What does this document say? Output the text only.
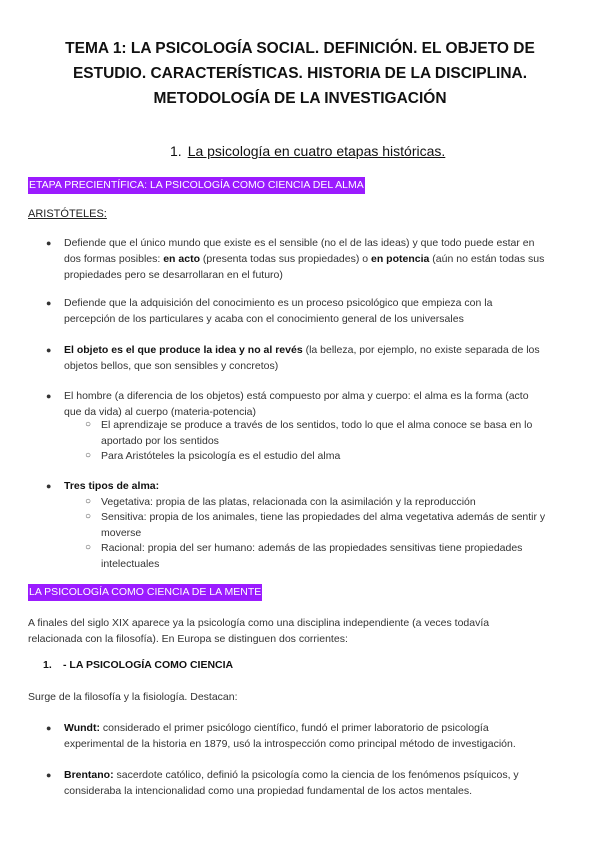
TEMA 1: LA PSICOLOGÍA SOCIAL. DEFINICIÓN. EL OBJETO DE
ESTUDIO. CARACTERÍSTICAS. HISTORIA DE LA DISCIPLINA.
METODOLOGÍA DE LA INVESTIGACIÓN
1. La psicología en cuatro etapas históricas.
ETAPA PRECIENTÍFICA: LA PSICOLOGÍA COMO CIENCIA DEL ALMA
ARISTÓTELES:
● Defiende que el único mundo que existe es el sensible (no el de las ideas) y que todo puede estar en
dos formas posibles: en acto (presenta todas sus propiedades) o en potencia (aún no están todas sus
propiedades pero se desarrollaran en el futuro)
● Defiende que la adquisición del conocimiento es un proceso psicológico que empieza con la
percepción de los particulares y acaba con el conocimiento general de los universales
● El objeto es el que produce la idea y no al revés (la belleza, por ejemplo, no existe separada de los
objetos bellos, que son sensibles y concretos)
● El hombre (a diferencia de los objetos) está compuesto por alma y cuerpo: el alma es la forma (acto
que da vida) al cuerpo (materia-potencia)
○ El aprendizaje se produce a través de los sentidos, todo lo que el alma conoce se basa en lo
aportado por los sentidos
○ Para Aristóteles la psicología es el estudio del alma
● Tres tipos de alma:
○ Vegetativa: propia de las platas, relacionada con la asimilación y la reproducción
○ Sensitiva: propia de los animales, tiene las propiedades del alma vegetativa además de sentir y
moverse
○ Racional: propia del ser humano: además de las propiedades sensitivas tiene propiedades
intelectuales
LA PSICOLOGÍA COMO CIENCIA DE LA MENTE
A finales del siglo XIX aparece ya la psicología como una disciplina independiente (a veces todavía
relacionada con la filosofía). En Europa se distinguen dos corrientes:
1. - LA PSICOLOGÍA COMO CIENCIA
Surge de la filosofía y la fisiología. Destacan:
● Wundt: considerado el primer psicólogo científico, fundó el primer laboratorio de psicología
experimental de la historia en 1879, usó la introspección como principal método de investigación.
● Brentano: sacerdote católico, definió la psicología como la ciencia de los fenómenos psíquicos, y
consideraba la intencionalidad como una propiedad fundamental de los actos mentales.
